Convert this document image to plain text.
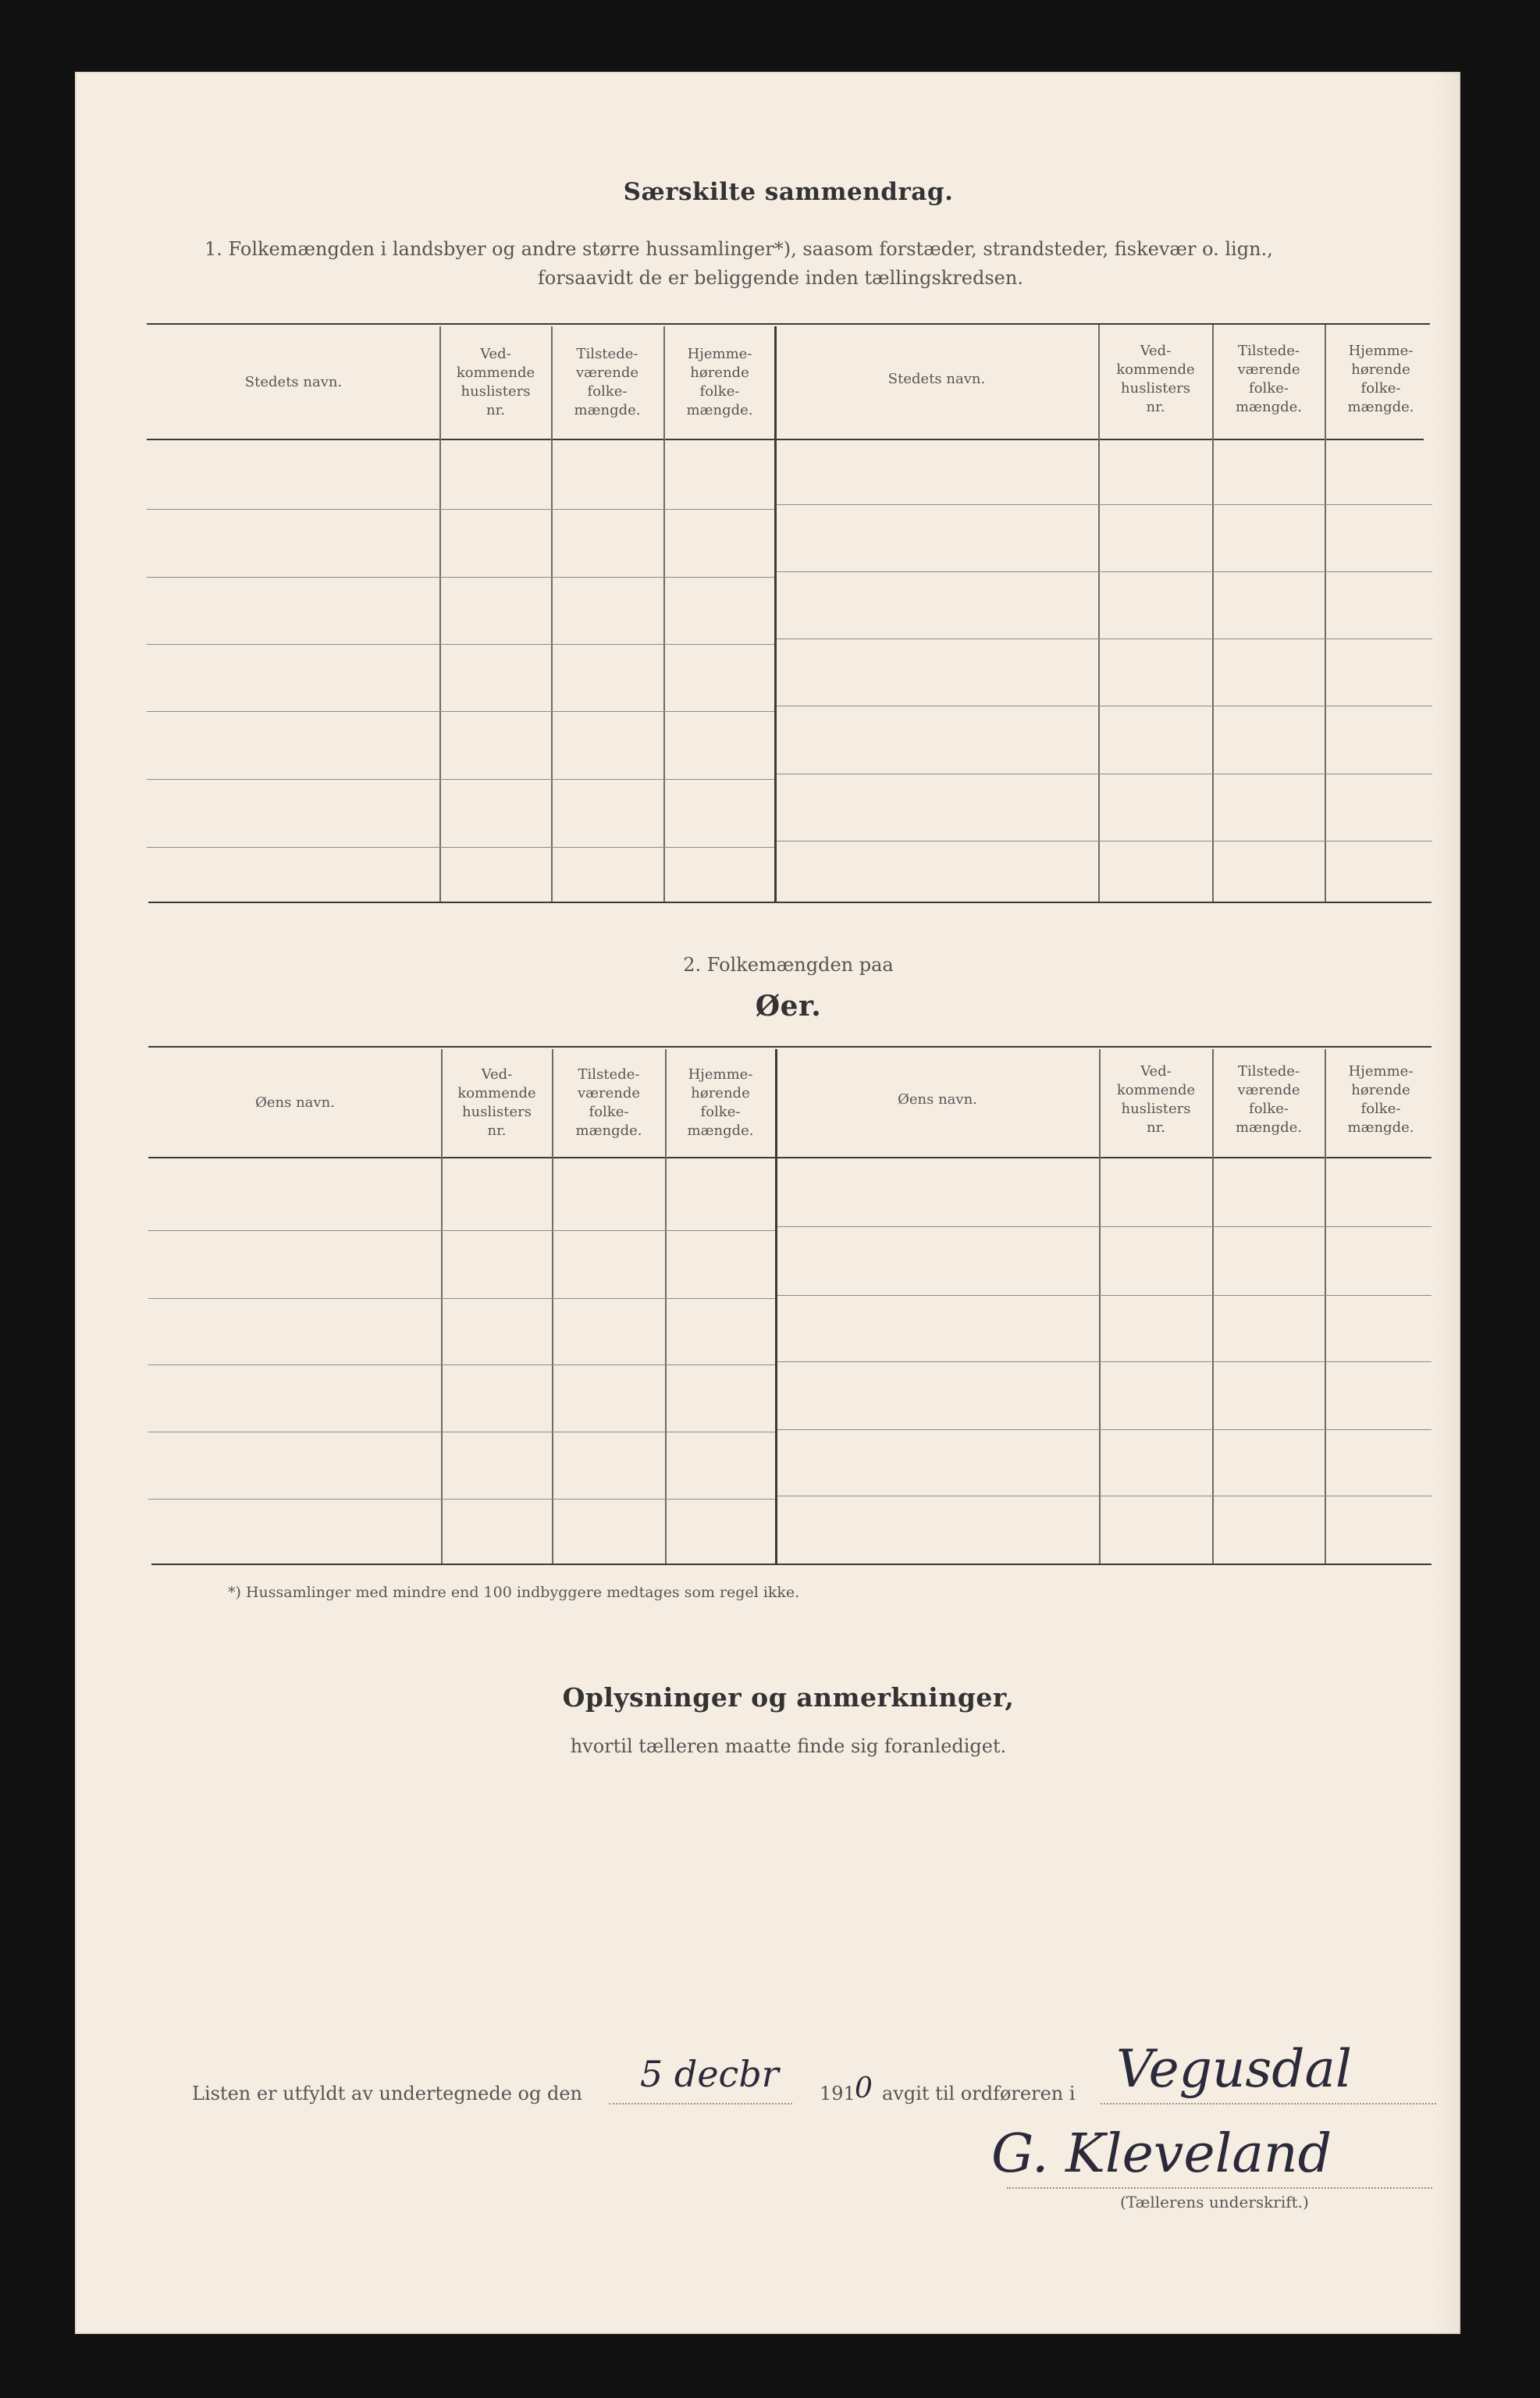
Særskilte sammendrag.
1. Folkemængden i landsbyer og andre større hussamlinger*), saasom forstæder, strandsteder, fiskevær o. lign.,
forsaavidt de er beliggende inden tællingskredsen.
Stedets navn.
Ved-
kommende
huslisters
nr.
Tilstede-
værende
folke-
mængde.
Hjemme-
hørende
folke-
mængde.
Stedets navn.
Ved-
kommende
huslisters
nr.
Tilstede-
værende
folke-
mængde.
Hjemme-
hørende
folke-
mængde.
2. Folkemængden paa
Øer.
Øens navn.
Ved-
kommende
huslisters
nr.
Tilstede-
værende
folke-
mængde.
Hjemme-
hørende
folke-
mængde.
Øens navn.
Ved-
kommende
huslisters
nr.
Tilstede-
værende
folke-
mængde.
Hjemme-
hørende
folke-
mængde.
*) Hussamlinger med mindre end 100 indbyggere medtages som regel ikke.
Oplysninger og anmerkninger,
hvortil tælleren maatte finde sig foranlediget.
Listen er utfyldt av undertegnede og den 5 decbr 191 0 avgit til ordføreren i Vegusdal
G. Kleveland
(Tællerens underskrift.)
